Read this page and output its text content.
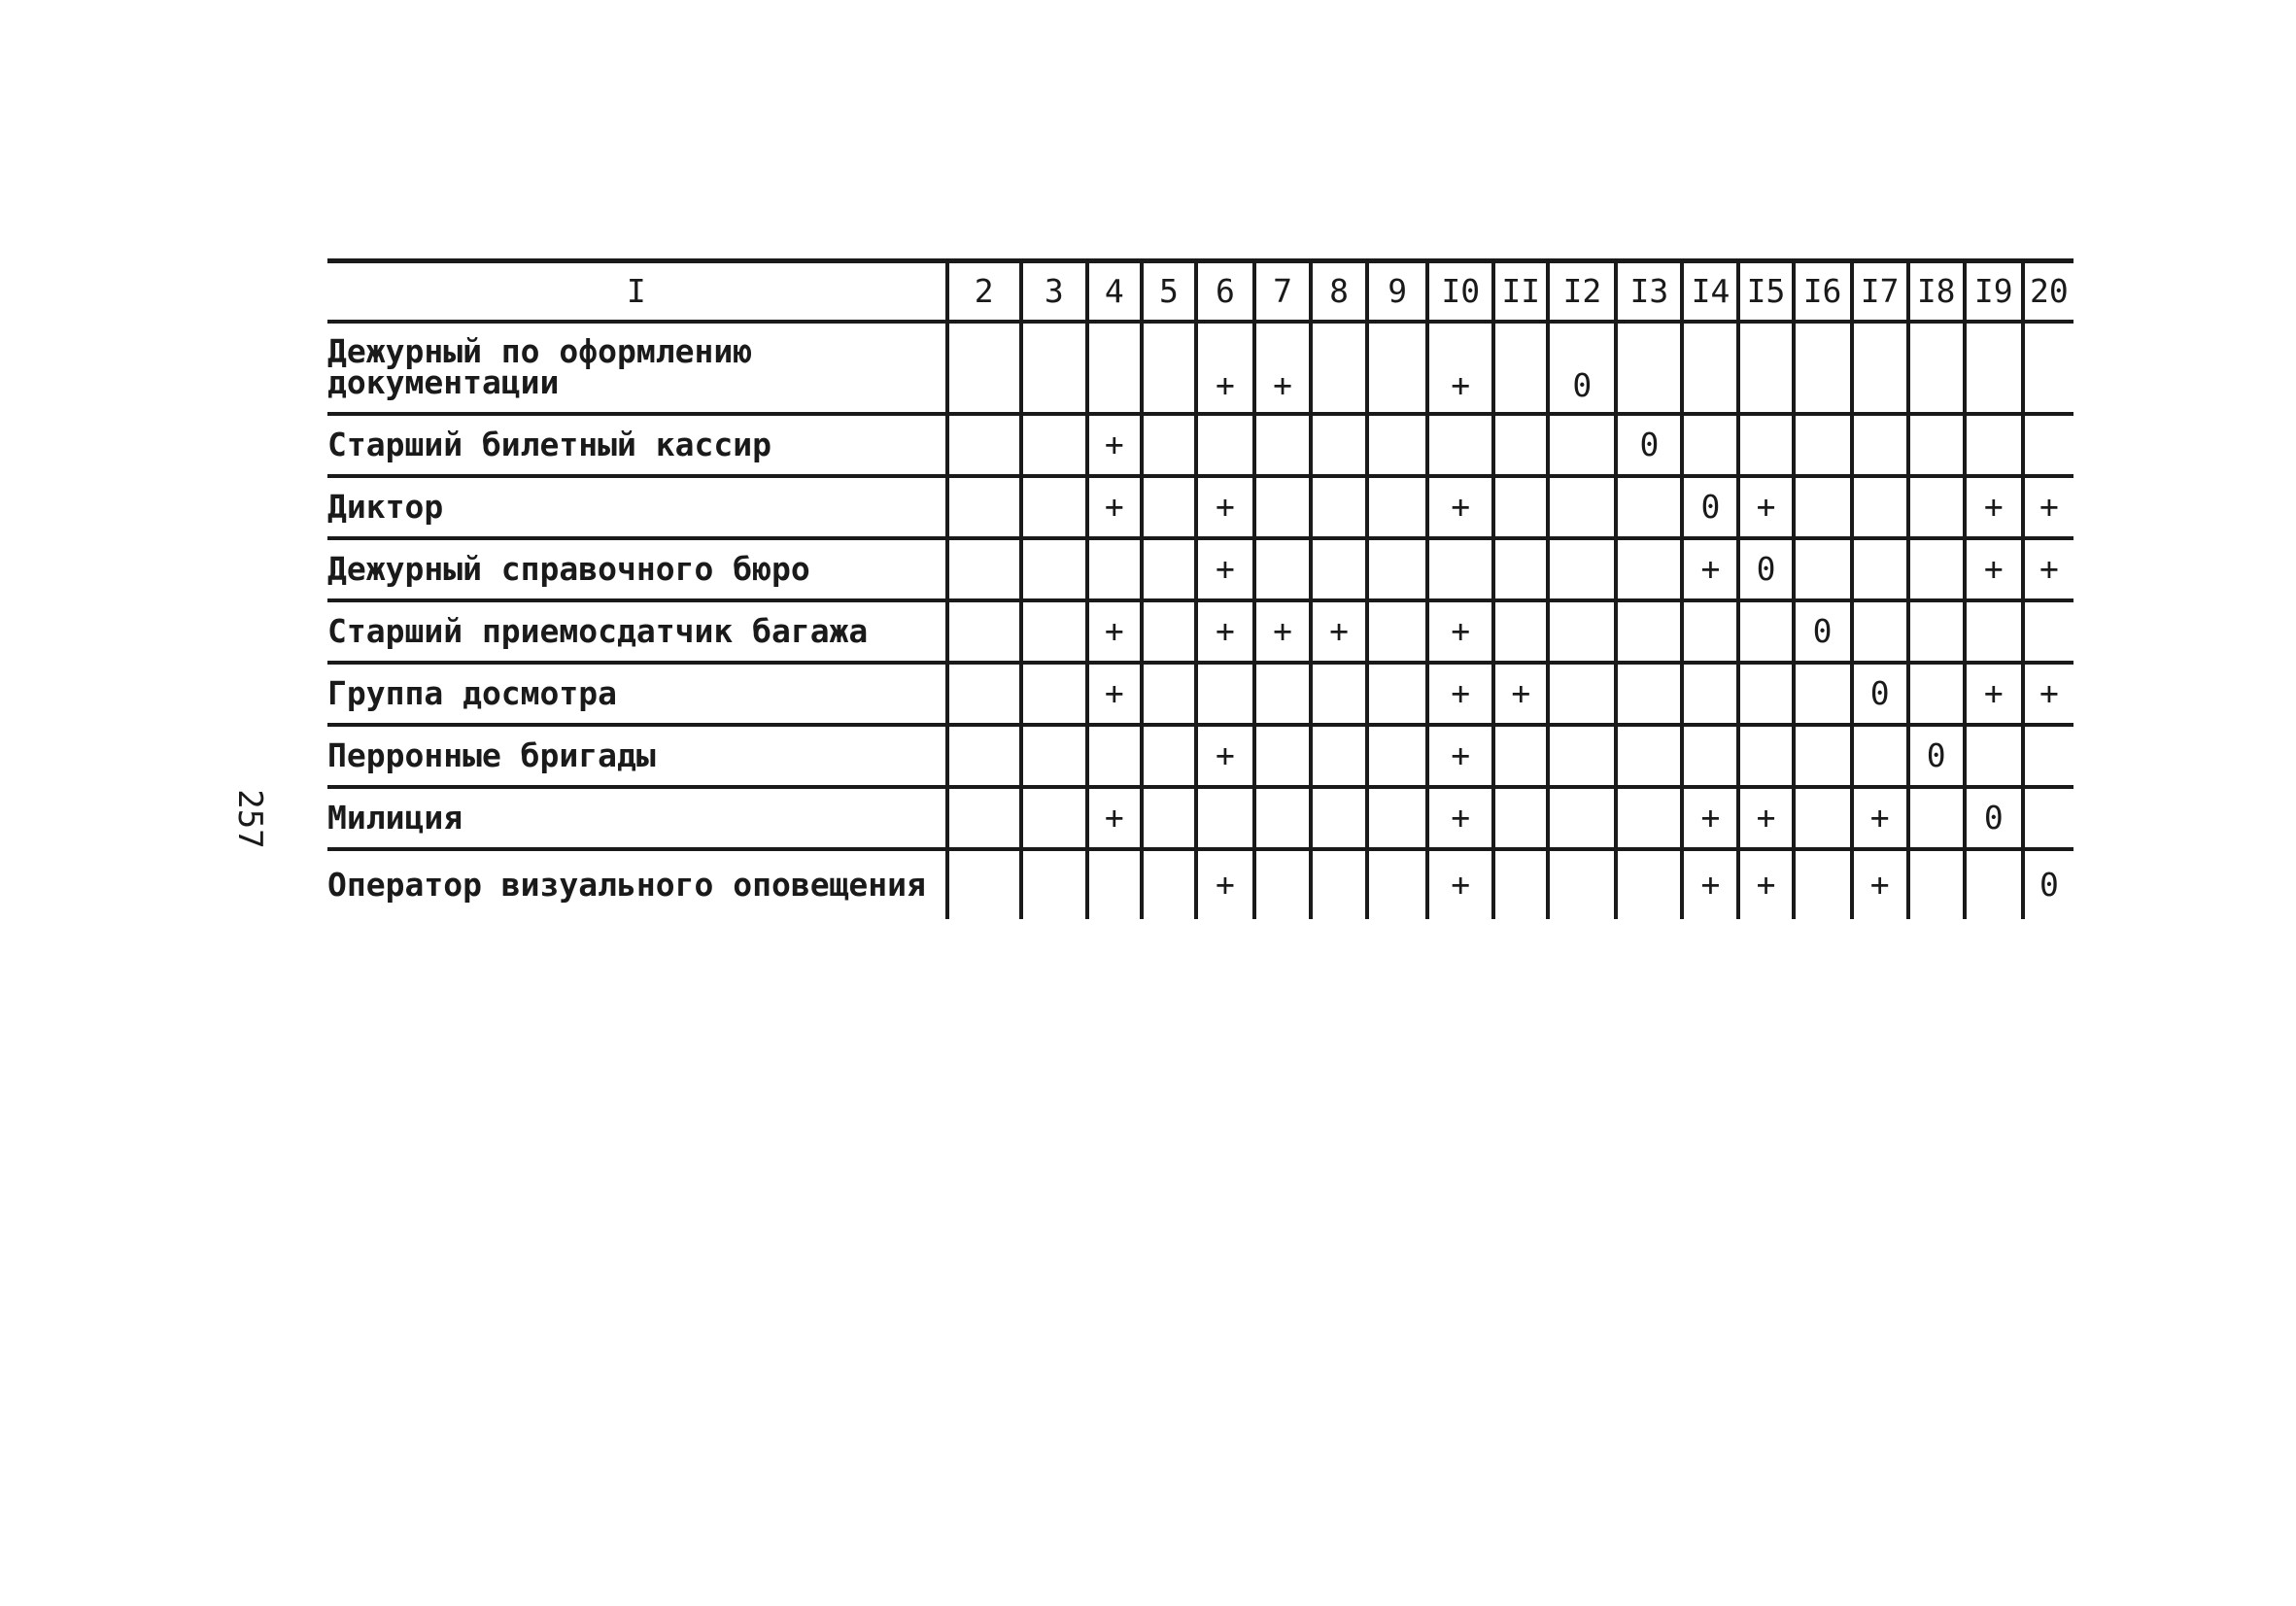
257
I	2	3	4	5	6	7	8	9	I0	II	I2	I3	I4	I5	I6	I7	I8	I9	20
Дежурный по оформлению документации					+	+			+		0								
Старший билетный кассир			+									0							
Диктор			+		+				+				0	+				+	+
Дежурный справочного бюро					+								+	0				+	+
Старший приемосдатчик багажа			+		+	+	+		+						0				
Группа досмотра			+						+	+						0		+	+
Перронные бригады					+				+								0		
Милиция			+						+				+	+		+		0	
Оператор визуального оповещения					+				+				+	+		+			0
